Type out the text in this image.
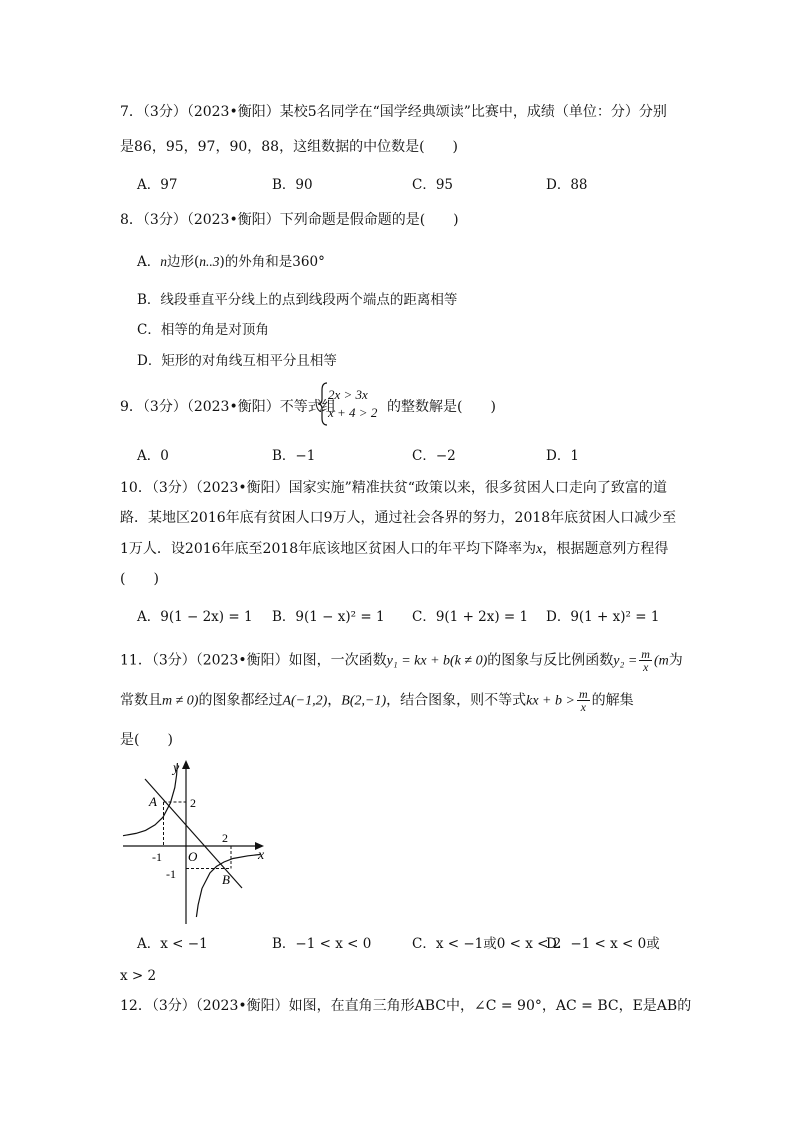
7．（3分）（2023•衡阳）某校5名同学在“国学经典颂读”比赛中，成绩（单位：分）分别
是86，95，97，90，88，这组数据的中位数是(　　)
A．97	B．90	C．95	D．88
8．（3分）（2023•衡阳）下列命题是假命题的是(　　)
A．n边形(n..3)的外角和是360°
B．线段垂直平分线上的点到线段两个端点的距离相等
C．相等的角是对顶角
D．矩形的对角线互相平分且相等
9．（3分）（2023•衡阳）不等式组
2x > 3x
x + 4 > 2 的整数解是(　　)
A．0	B．−1	C．−2	D．1
10．（3分）（2023•衡阳）国家实施”精准扶贫“政策以来，很多贫困人口走向了致富的道
路．某地区2016年底有贫困人口9万人，通过社会各界的努力，2018年底贫困人口减少至
1万人．设2016年底至2018年底该地区贫困人口的年平均下降率为x，根据题意列方程得
(　　)
A．9(1 − 2x) = 1 B．9(1 − x)² = 1 C．9(1 + 2x) = 1 D．9(1 + x)² = 1
11．（3分）（2023•衡阳）如图，一次函数y₁ = kx + b(k ≠ 0)的图象与反比例函数$y_2 = \frac{m}{x} (m$为
常数且m ≠ 0)的图象都经过A(−1,2)，B(2,−1)，结合图象，则不等式kx + $b > \frac{m}{x}$ 的解集
是(　　)
y
x
O
A
B
2
-1
2
-1
A．x < −1	B．−1 < x < 0	C．x < −1或0 < x < 2
D．−1 < x < 0或
x > 2
12．（3分）（2023•衡阳）如图，在直角三角形ABC中，∠C = 90°，AC = BC，E是AB的
